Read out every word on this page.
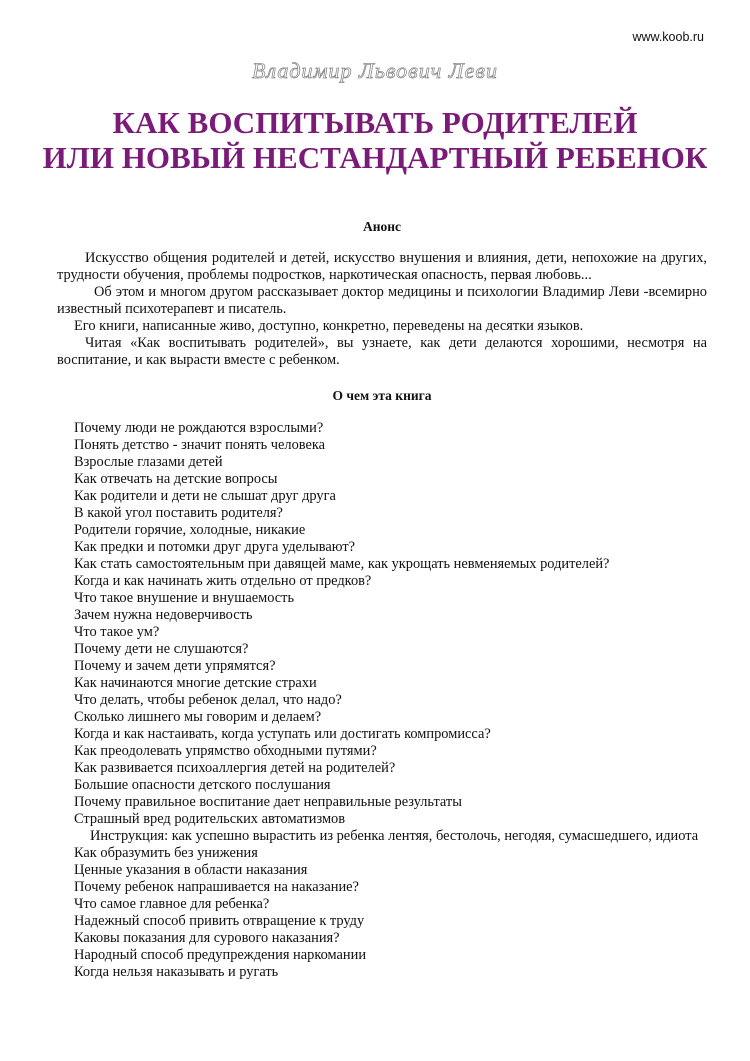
www.koob.ru
Владимир Львович Леви
КАК ВОСПИТЫВАТЬ РОДИТЕЛЕЙ
ИЛИ НОВЫЙ НЕСТАНДАРТНЫЙ РЕБЕНОК
Анонс

Искусство общения родителей и детей, искусство внушения и влияния, дети, непохожие на других, трудности обучения, проблемы подростков, наркотическая опасность, первая любовь...

Об этом и многом другом рассказывает доктор медицины и психологии Владимир Леви -всемирно известный психотерапевт и писатель.

Его книги, написанные живо, доступно, конкретно, переведены на десятки языков.

Читая «Как воспитывать родителей», вы узнаете, как дети делаются хорошими, несмотря на воспитание, и как вырасти вместе с ребенком.

О чем эта книга
Почему люди не рождаются взрослыми?
Понять детство - значит понять человека
Взрослые глазами детей
Как отвечать на детские вопросы
Как родители и дети не слышат друг друга
В какой угол поставить родителя?
Родители горячие, холодные, никакие
Как предки и потомки друг друга уделывают?
Как стать самостоятельным при давящей маме, как укрощать невменяемых родителей?
Когда и как начинать жить отдельно от предков?
Что такое внушение и внушаемость
Зачем нужна недоверчивость
Что такое ум?
Почему дети не слушаются?
Почему и зачем дети упрямятся?
Как начинаются многие детские страхи
Что делать, чтобы ребенок делал, что надо?
Сколько лишнего мы говорим и делаем?
Когда и как настаивать, когда уступать или достигать компромисса?
Как преодолевать упрямство обходными путями?
Как развивается психоаллергия детей на родителей?
Большие опасности детского послушания
Почему правильное воспитание дает неправильные результаты
Страшный вред родительских автоматизмов
Инструкция: как успешно вырастить из ребенка лентяя, бестолочь, негодяя, сумасшедшего, идиота
Как образумить без унижения
Ценные указания в области наказания
Почему ребенок напрашивается на наказание?
Что самое главное для ребенка?
Надежный способ привить отвращение к труду
Каковы показания для сурового наказания?
Народный способ предупреждения наркомании
Когда нельзя наказывать и ругать
